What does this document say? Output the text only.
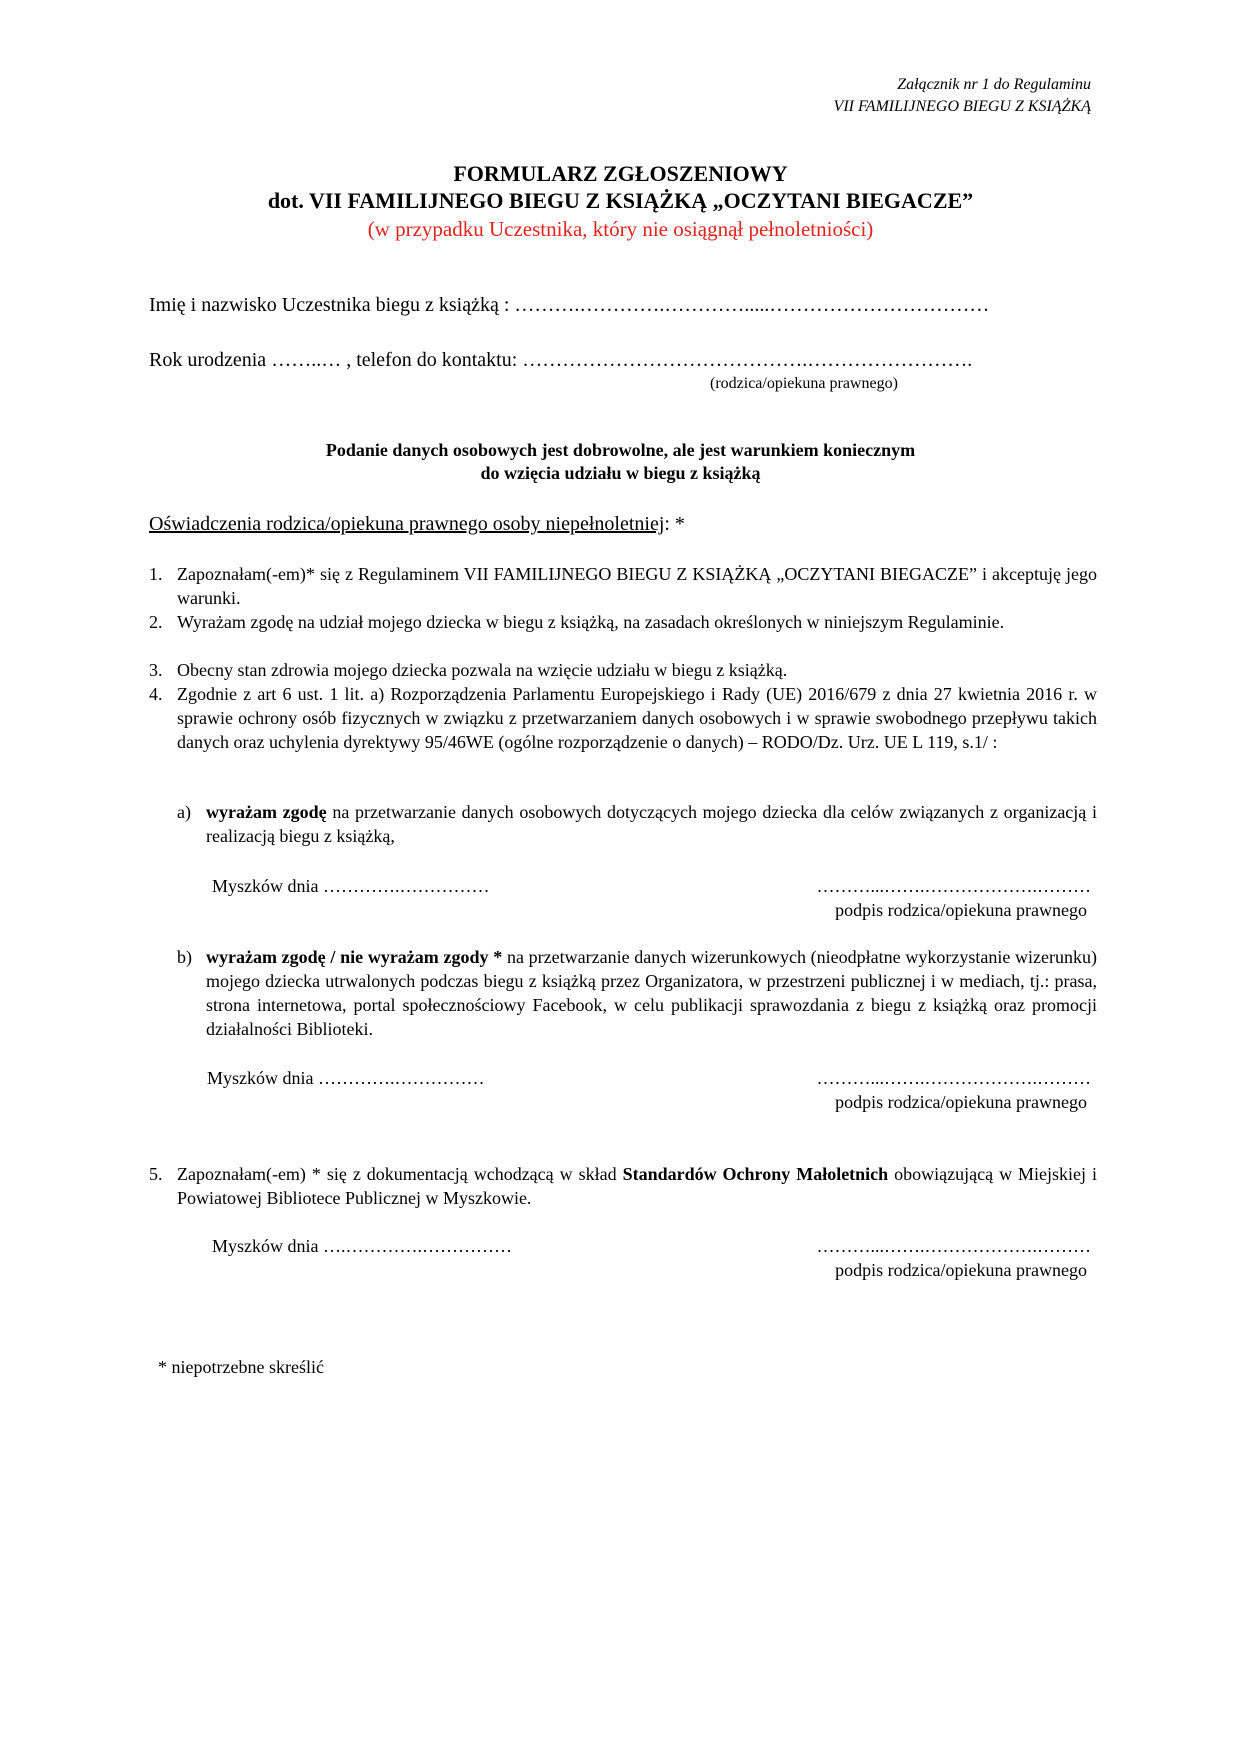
Załącznik nr 1 do Regulaminu
VII FAMILIJNEGO BIEGU Z KSIĄŻKĄ
FORMULARZ ZGŁOSZENIOWY
dot. VII FAMILIJNEGO BIEGU Z KSIĄŻKĄ „OCZYTANI BIEGACZE”
(w przypadku Uczestnika, który nie osiągnął pełnoletniości)
Imię i nazwisko Uczestnika biegu z książką : ……….………….………….....……………………………
Rok urodzenia ……..… , telefon do kontaktu: …………………………………….…………………….
(rodzica/opiekuna prawnego)
Podanie danych osobowych jest dobrowolne, ale jest warunkiem koniecznym
do wzięcia udziału w biegu z książką
Oświadczenia rodzica/opiekuna prawnego osoby niepełnoletniej: *
1. Zapoznałam(-em)* się z Regulaminem VII FAMILIJNEGO BIEGU Z KSIĄŻKĄ „OCZYTANI BIEGACZE” i akceptuję jego warunki.
2. Wyrażam zgodę na udział mojego dziecka w biegu z książką, na zasadach określonych w niniejszym Regulaminie.
3. Obecny stan zdrowia mojego dziecka pozwala na wzięcie udziału w biegu z książką.
4. Zgodnie z art 6 ust. 1 lit. a) Rozporządzenia Parlamentu Europejskiego i Rady (UE) 2016/679 z dnia 27 kwietnia 2016 r. w sprawie ochrony osób fizycznych w związku z przetwarzaniem danych osobowych i w sprawie swobodnego przepływu takich danych oraz uchylenia dyrektywy 95/46WE (ogólne rozporządzenie o danych) – RODO/Dz. Urz. UE L 119, s.1/ :
a) wyrażam zgodę na przetwarzanie danych osobowych dotyczących mojego dziecka dla celów związanych z organizacją i realizacją biegu z książką,
Myszków dnia ………….……………	………...…….……………….………
podpis rodzica/opiekuna prawnego
b) wyrażam zgodę / nie wyrażam zgody * na przetwarzanie danych wizerunkowych (nieodpłatne wykorzystanie wizerunku) mojego dziecka utrwalonych podczas biegu z książką przez Organizatora, w przestrzeni publicznej i w mediach, tj.: prasa, strona internetowa, portal społecznościowy Facebook, w celu publikacji sprawozdania z biegu z książką oraz promocji działalności Biblioteki.
Myszków dnia ………….……………	………...…….……………….………
podpis rodzica/opiekuna prawnego
5. Zapoznałam(-em) * się z dokumentacją wchodzącą w skład Standardów Ochrony Małoletnich obowiązującą w Miejskiej i Powiatowej Bibliotece Publicznej w Myszkowie.
Myszków dnia ….………….……………	………...…….……………….………
podpis rodzica/opiekuna prawnego
* niepotrzebne skreślić
